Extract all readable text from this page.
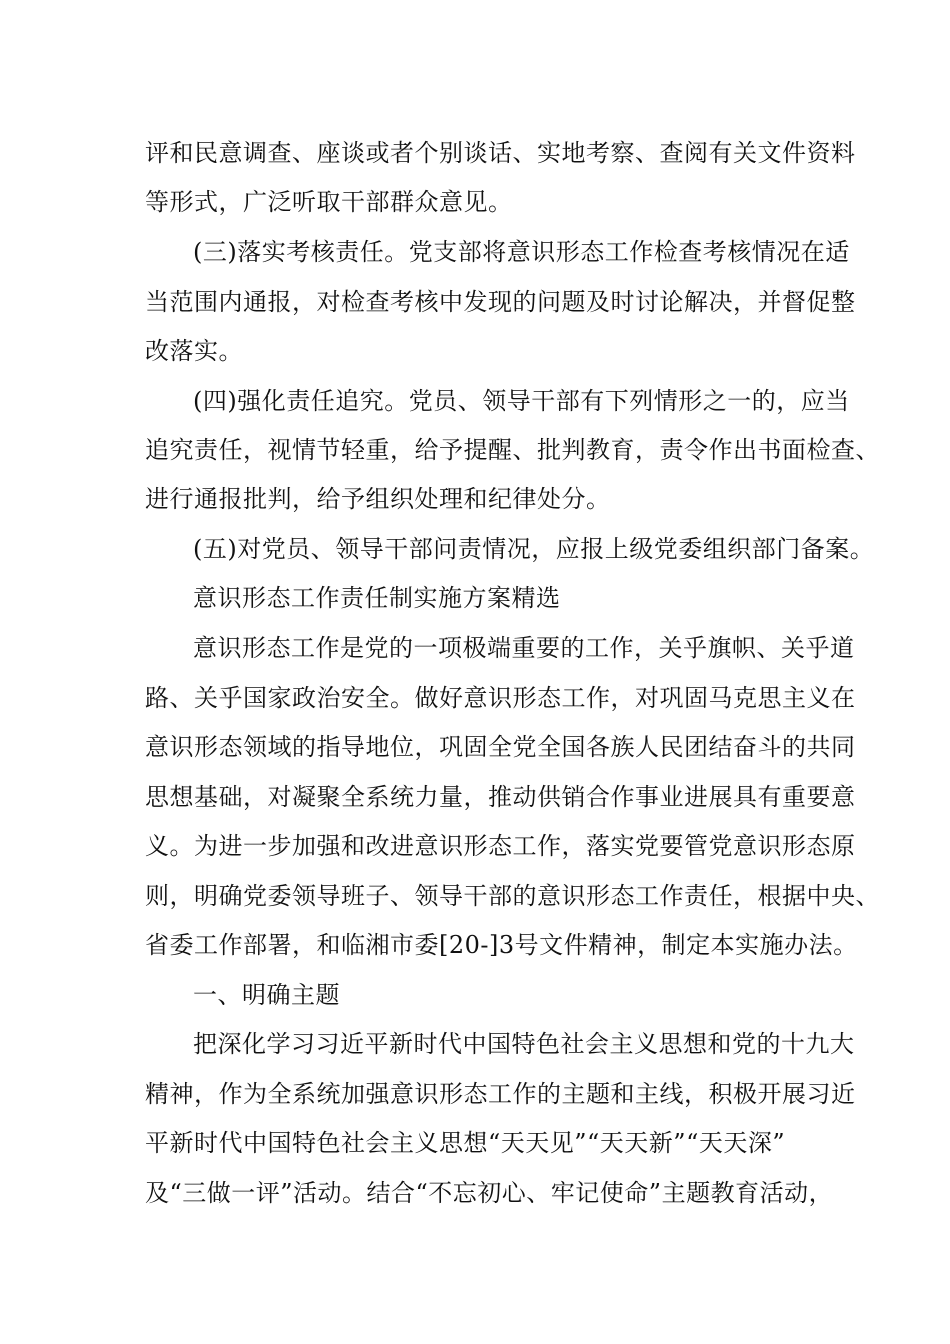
评和民意调查、座谈或者个别谈话、实地考察、查阅有关文件资料
等形式，广泛听取干部群众意见。
(三)落实考核责任。党支部将意识形态工作检查考核情况在适
当范围内通报，对检查考核中发现的问题及时讨论解决，并督促整
改落实。
(四)强化责任追究。党员、领导干部有下列情形之一的，应当
追究责任，视情节轻重，给予提醒、批判教育，责令作出书面检查、
进行通报批判，给予组织处理和纪律处分。
(五)对党员、领导干部问责情况，应报上级党委组织部门备案。
意识形态工作责任制实施方案精选
意识形态工作是党的一项极端重要的工作，关乎旗帜、关乎道
路、关乎国家政治安全。做好意识形态工作，对巩固马克思主义在
意识形态领域的指导地位，巩固全党全国各族人民团结奋斗的共同
思想基础，对凝聚全系统力量，推动供销合作事业进展具有重要意
义。为进一步加强和改进意识形态工作，落实党要管党意识形态原
则，明确党委领导班子、领导干部的意识形态工作责任，根据中央、
省委工作部署，和临湘市委[20-]3号文件精神，制定本实施办法。
一、明确主题
把深化学习习近平新时代中国特色社会主义思想和党的十九大
精神，作为全系统加强意识形态工作的主题和主线，积极开展习近
平新时代中国特色社会主义思想“天天见”“天天新”“天天深”
及“三做一评”活动。结合“不忘初心、牢记使命”主题教育活动，
